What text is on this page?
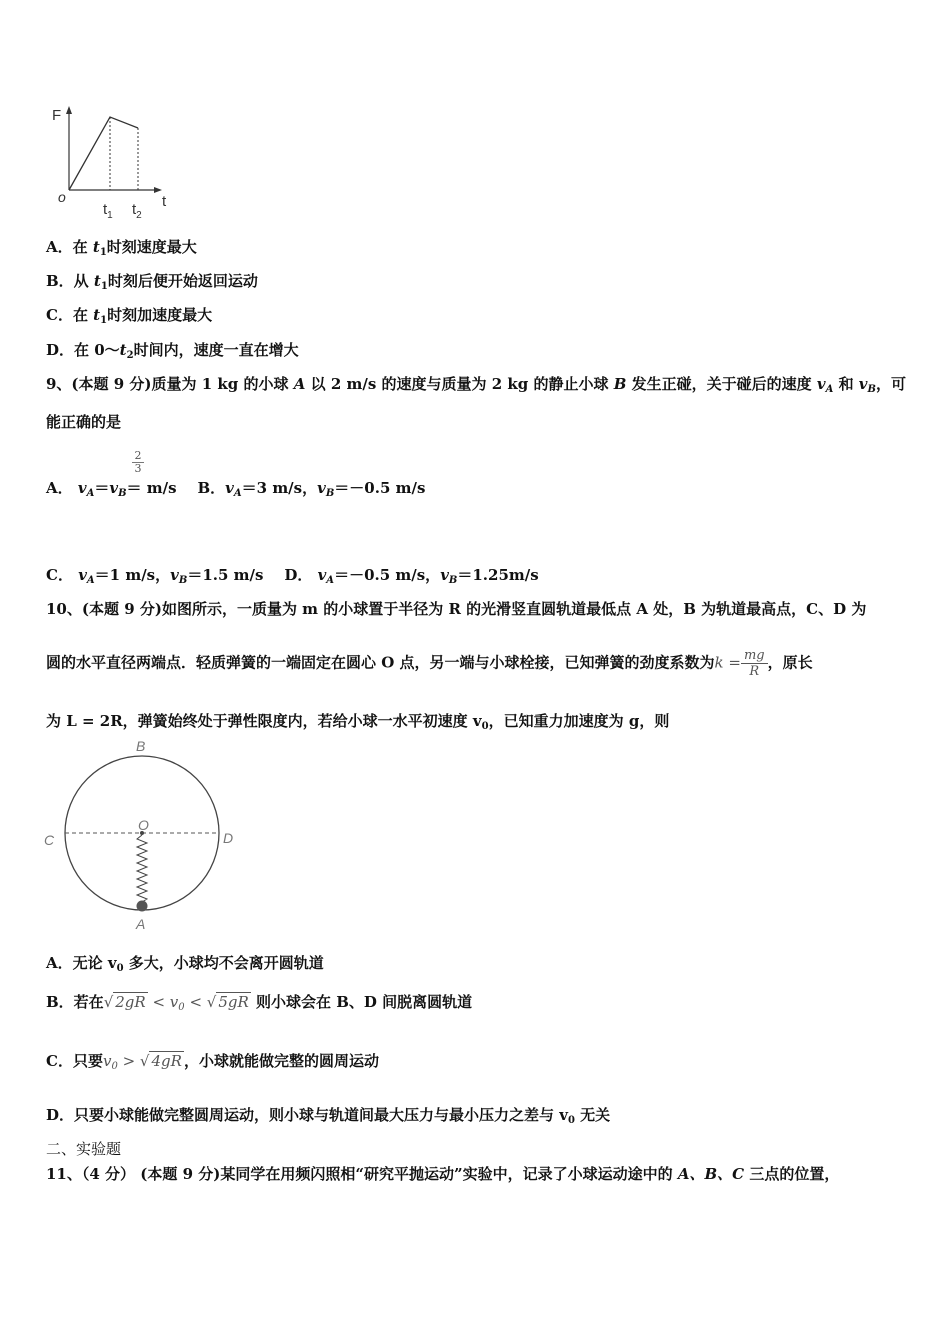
F
o
$t_1$ $t_2$
t
A．在 $t_1$时刻速度最大
B．从 $t_1$时刻后便开始返回运动
C．在 $t_1$时刻加速度最大
D．在 $0\sim t_2$时间内，速度一直在增大
9、(本题 9 分)质量为 1 kg 的小球 A 以 2 m/s 的速度与质量为 2 kg 的静止小球 B 发生正碰，关于碰后的速度 $v_A$ 和 $v_B$，可
能正确的是
$\frac{2}{3}$
A． $v_A=v_B= m/s$ B．$v_A=3$ m/s，$v_B=-0.5$ m/s
C． $v_A=1$ m/s，$v_B=1.5$ m/s D． $v_A=-0.5$ m/s，$v_B=1.25m/s$
10、(本题 9 分)如图所示，一质量为 m 的小球置于半径为 R 的光滑竖直圆轨道最低点 A 处，B 为轨道最高点，C、D 为
圆的水平直径两端点．轻质弹簧的一端固定在圆心 O 点，另一端与小球栓接，已知弹簧的劲度系数为$k = \frac{mg}{R}$ ，原长
为 L = 2R，弹簧始终处于弹性限度内，若给小球一水平初速度 $v_0$，已知重力加速度为 g，则
B
C
O
D
A
A．无论 $v_0$ 多大，小球均不会离开圆轨道
B．若在√ $2gR < v_0$ < √ 5gR 则小球会在 B、D 间脱离圆轨道
C．只要$v_0$ > √ 4gR ，小球就能做完整的圆周运动
D．只要小球能做完整圆周运动，则小球与轨道间最大压力与最小压力之差与 $v_0$ 无关
二、实验题
11、（4 分） (本题 9 分)某同学在用频闪照相“研究平抛运动”实验中，记录了小球运动途中的 A、B、C 三点的位置，
